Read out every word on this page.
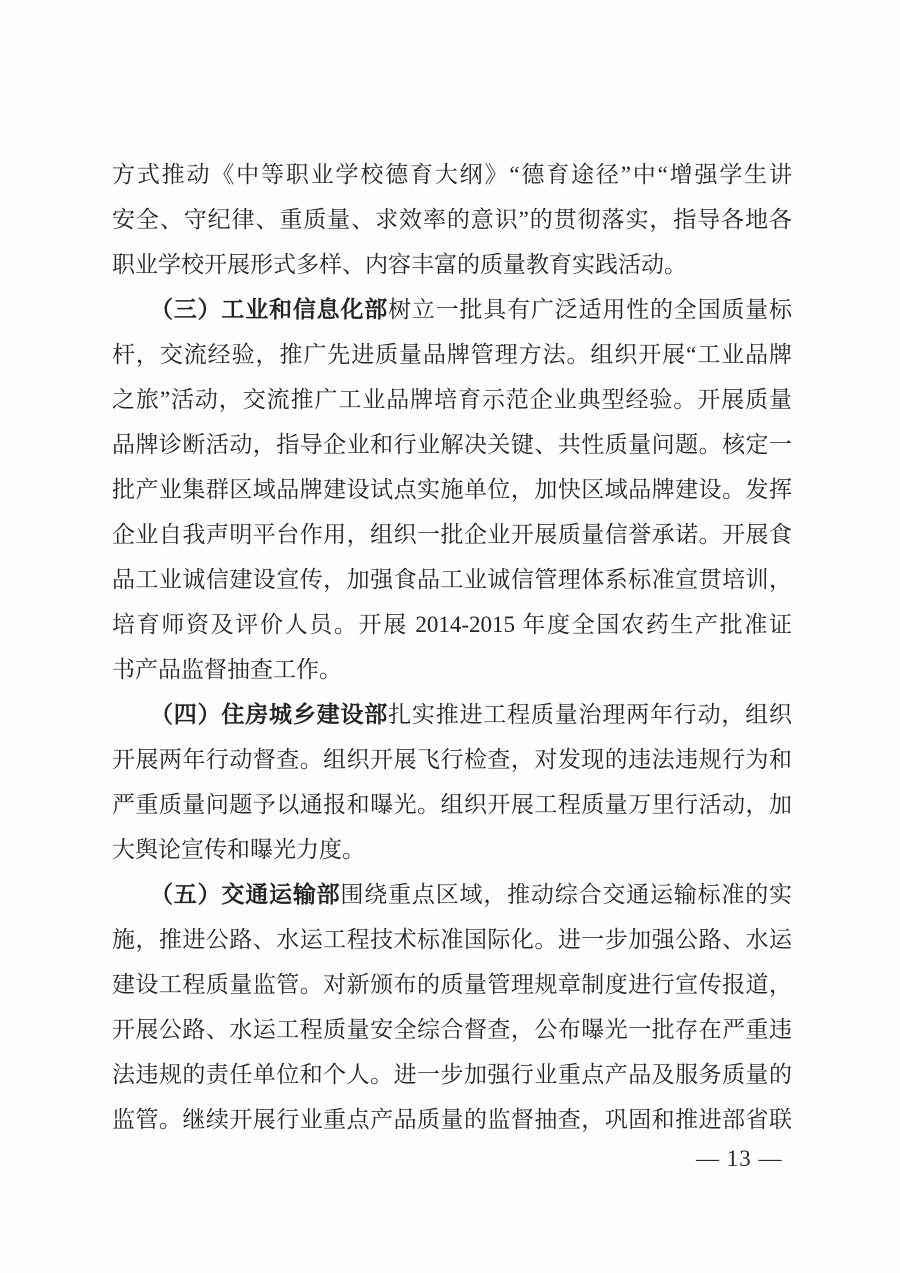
方式推动《中等职业学校德育大纲》“德育途径”中“增强学生讲
安全、守纪律、重质量、求效率的意识”的贯彻落实，指导各地各
职业学校开展形式多样、内容丰富的质量教育实践活动。
（三）工业和信息化部树立一批具有广泛适用性的全国质量标
杆，交流经验，推广先进质量品牌管理方法。组织开展“工业品牌
之旅”活动，交流推广工业品牌培育示范企业典型经验。开展质量
品牌诊断活动，指导企业和行业解决关键、共性质量问题。核定一
批产业集群区域品牌建设试点实施单位，加快区域品牌建设。发挥
企业自我声明平台作用，组织一批企业开展质量信誉承诺。开展食
品工业诚信建设宣传，加强食品工业诚信管理体系标准宣贯培训，
培育师资及评价人员。开展 2014-2015 年度全国农药生产批准证
书产品监督抽查工作。
（四）住房城乡建设部扎实推进工程质量治理两年行动，组织
开展两年行动督查。组织开展飞行检查，对发现的违法违规行为和
严重质量问题予以通报和曝光。组织开展工程质量万里行活动，加
大舆论宣传和曝光力度。
（五）交通运输部围绕重点区域，推动综合交通运输标准的实
施，推进公路、水运工程技术标准国际化。进一步加强公路、水运
建设工程质量监管。对新颁布的质量管理规章制度进行宣传报道，
开展公路、水运工程质量安全综合督查，公布曝光一批存在严重违
法违规的责任单位和个人。进一步加强行业重点产品及服务质量的
监管。继续开展行业重点产品质量的监督抽查，巩固和推进部省联
— 13 —
